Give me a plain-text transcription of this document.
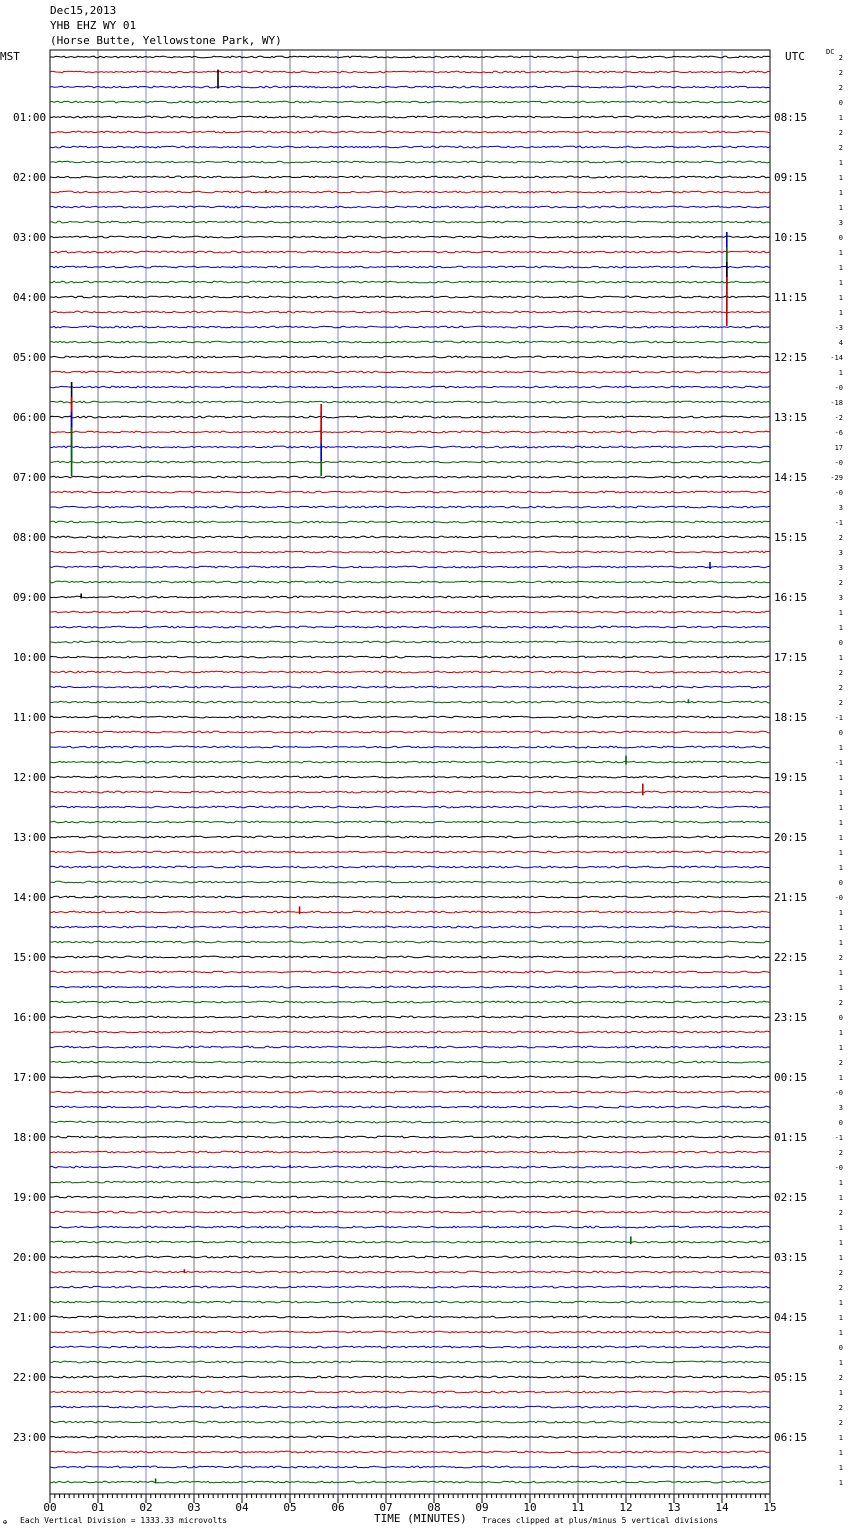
2
2
2
0
1
2
2
1
1
1
1
3
0
1
1
1
1
1
-3
4
-14
1
-0
-18
-2
-6
17
-0
-29
-0
3
-1
2
3
3
2
3
1
1
0
1
2
2
2
-1
0
1
-1
1
1
1
1
1
1
1
0
-0
1
1
1
2
1
1
2
0
1
1
2
1
-0
3
0
-1
2
-0
1
1
2
1
1
1
2
2
1
1
1
0
1
2
1
2
2
1
1
1
1
01:00
02:00
03:00
04:00
05:00
06:00
07:00
08:00
09:00
10:00
11:00
12:00
13:00
14:00
15:00
16:00
17:00
18:00
19:00
20:00
21:00
22:00
23:00
08:15
09:15
10:15
11:15
12:15
13:15
14:15
15:15
16:15
17:15
18:15
19:15
20:15
21:15
22:15
23:15
00:15
01:15
02:15
03:15
04:15
05:15
06:15
00	01	02	03	04	05	06	07	08	09	10	11	12	13	14	15
Dec15,2013
YHB EHZ WY 01
(Horse Butte, Yellowstone Park, WY)
MST	UTC	DC
✠ Each Vertical Division = 1333.33 microvolts	TIME (MINUTES) Traces clipped at plus/minus 5 vertical divisions
